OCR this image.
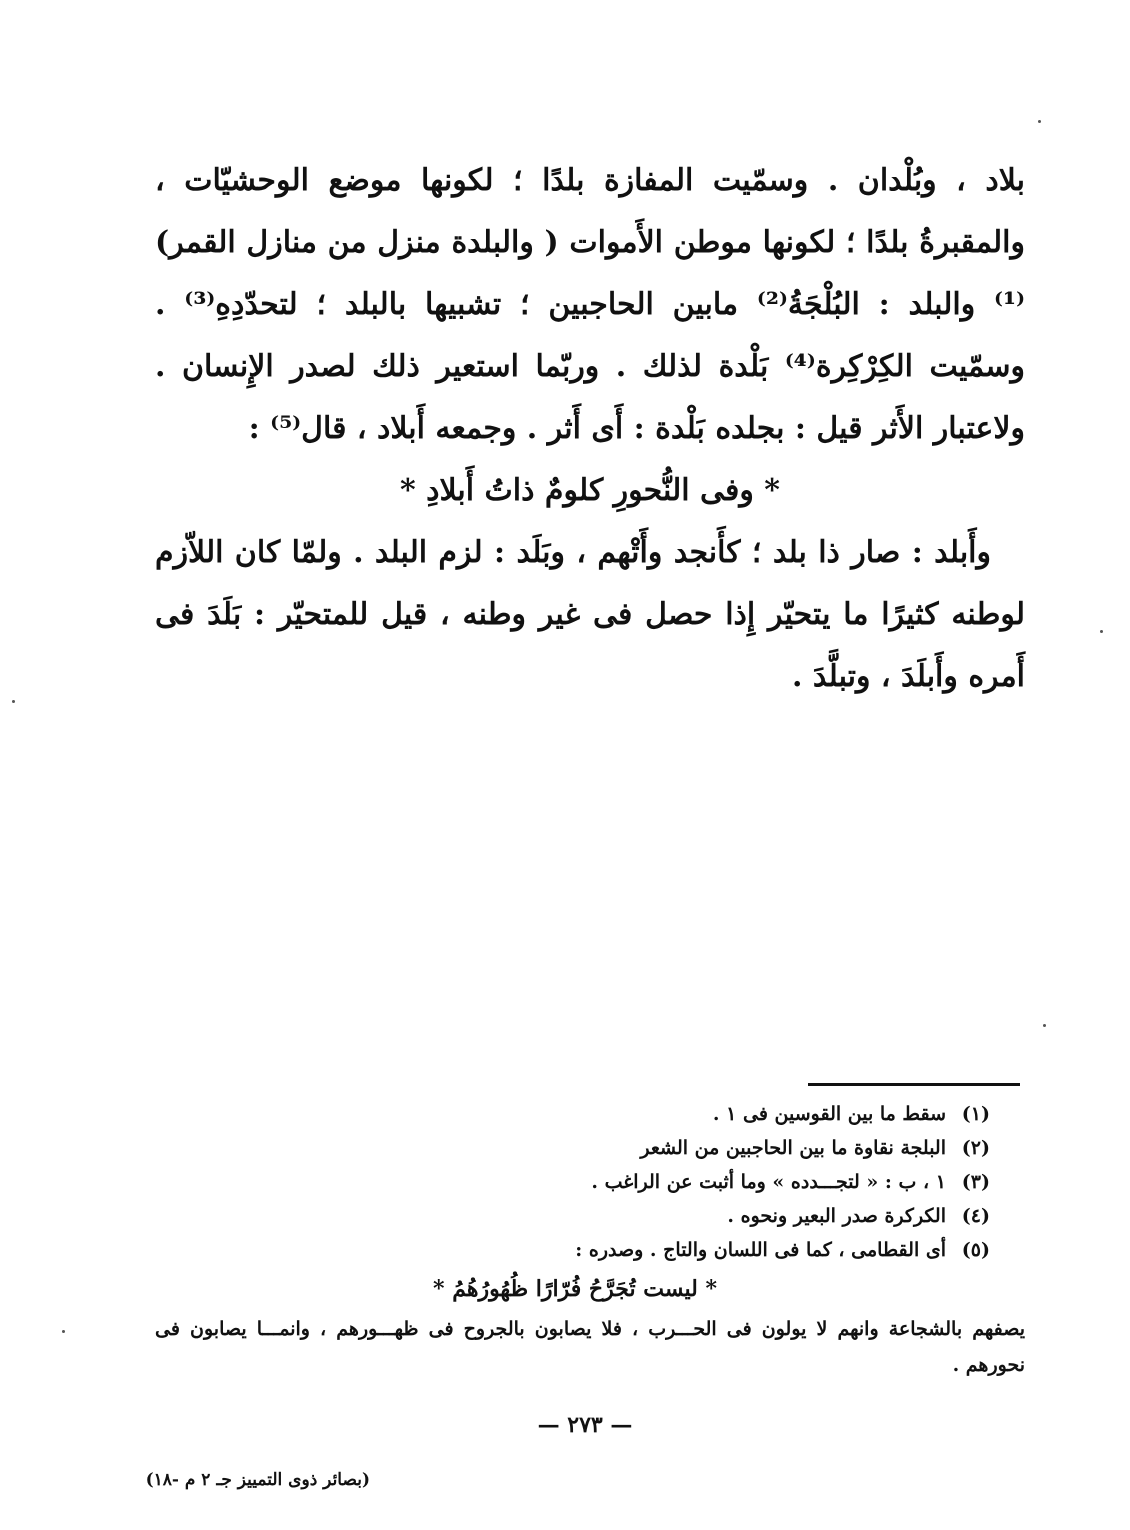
بلاد ، وبُلْدان . وسمّيت المفازة بلدًا ؛ لكونها موضع الوحشيّات ، والمقبرةُ بلدًا ؛ لكونها موطن الأَموات ( والبلدة منزل من منازل القمر)⁽¹⁾ والبلد : البُلْجَةُ⁽²⁾ مابين الحاجبين ؛ تشبيها بالبلد ؛ لتحدّدِهِ⁽³⁾ . وسمّيت الكِرْكِرة⁽⁴⁾ بَلْدة لذلك . وربّما استعير ذلك لصدر الإِنسان . ولاعتبار الأَثر قيل : بجلده بَلْدة : أَى أَثر . وجمعه أَبلاد ، قال⁽⁵⁾ :

* وفى النُّحورِ كلومٌ ذاتُ أَبلادِ *

وأَبلد : صار ذا بلد ؛ كأَنجد وأَتْهم ، وبَلَد : لزم البلد . ولمّا كان اللاّزم لوطنه كثيرًا ما يتحيّر إِذا حصل فى غير وطنه ، قيل للمتحيّر : بَلَدَ فى أَمره وأَبلَدَ ، وتبلَّدَ .

(١)
سقط ما بين القوسين فى ١ .
(٢)
البلجة نقاوة ما بين الحاجبين من الشعر
(٣)
١ ، ب : « لتجـــدده » وما أثبت عن الراغب .
(٤)
الكركرة صدر البعير ونحوه .
(٥)
أى القطامى ، كما فى اللسان والتاج . وصدره :
* ليست تُجَرَّحُ فُرّارًا ظُهُورُهُمُ *
يصفهم بالشجاعة وانهم لا يولون فى الحـــرب ، فلا يصابون بالجروح فى ظهـــورهم ، وانمـــا يصابون فى نحورهم .
— ٢٧٣ —
(بصائر ذوى التمييز جـ ٢ م -١٨)
